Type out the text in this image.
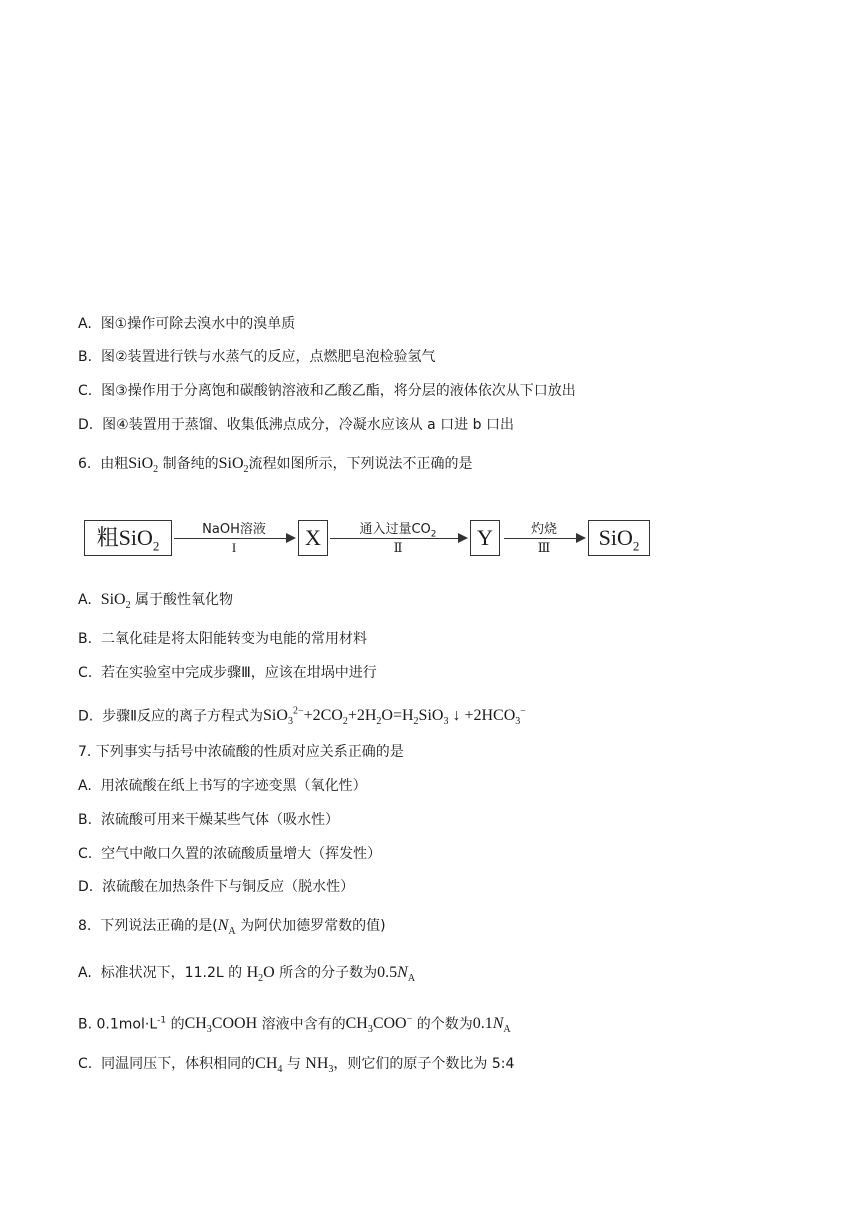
A. 图①操作可除去溴水中的溴单质
B. 图②装置进行铁与水蒸气的反应，点燃肥皂泡检验氢气
C. 图③操作用于分离饱和碳酸钠溶液和乙酸乙酯，将分层的液体依次从下口放出
D. 图④装置用于蒸馏、收集低沸点成分，冷凝水应该从 a 口进 b 口出
6. 由粗SiO$_2$ 制备纯的SiO$_2$流程如图所示，下列说法不正确的是
粗SiO$_2$
NaOH溶液
I	X	通入过量$CO_2$
Ⅱ	Y	灼烧
Ⅲ	SiO$_2$
A. SiO$_2$ 属于酸性氧化物
B. 二氧化硅是将太阳能转变为电能的常用材料
C. 若在实验室中完成步骤Ⅲ，应该在坩埚中进行
D. 步骤Ⅱ反应的离子方程式为$SiO_3^{2-}+2CO_2+2H_2O=H_2SiO_3$ ↓ $+2HCO_3^-$
7. 下列事实与括号中浓硫酸的性质对应关系正确的是
A. 用浓硫酸在纸上书写的字迹变黑（氧化性）
B. 浓硫酸可用来干燥某些气体（吸水性）
C. 空气中敞口久置的浓硫酸质量增大（挥发性）
D. 浓硫酸在加热条件下与铜反应（脱水性）
8. 下列说法正确的是($N_A$ 为阿伏加德罗常数的值)
A. 标准状况下，11.2L 的 $H_2O$ 所含的分子数为$0.5N_A$
B. $0.1mol\cdot L^{-1}$ 的$CH_3COOH$ 溶液中含有的$CH_3COO^-$ 的个数为$0.1N_A$
C. 同温同压下，体积相同的$CH_4$ 与 $NH_3$，则它们的原子个数比为 5:4
